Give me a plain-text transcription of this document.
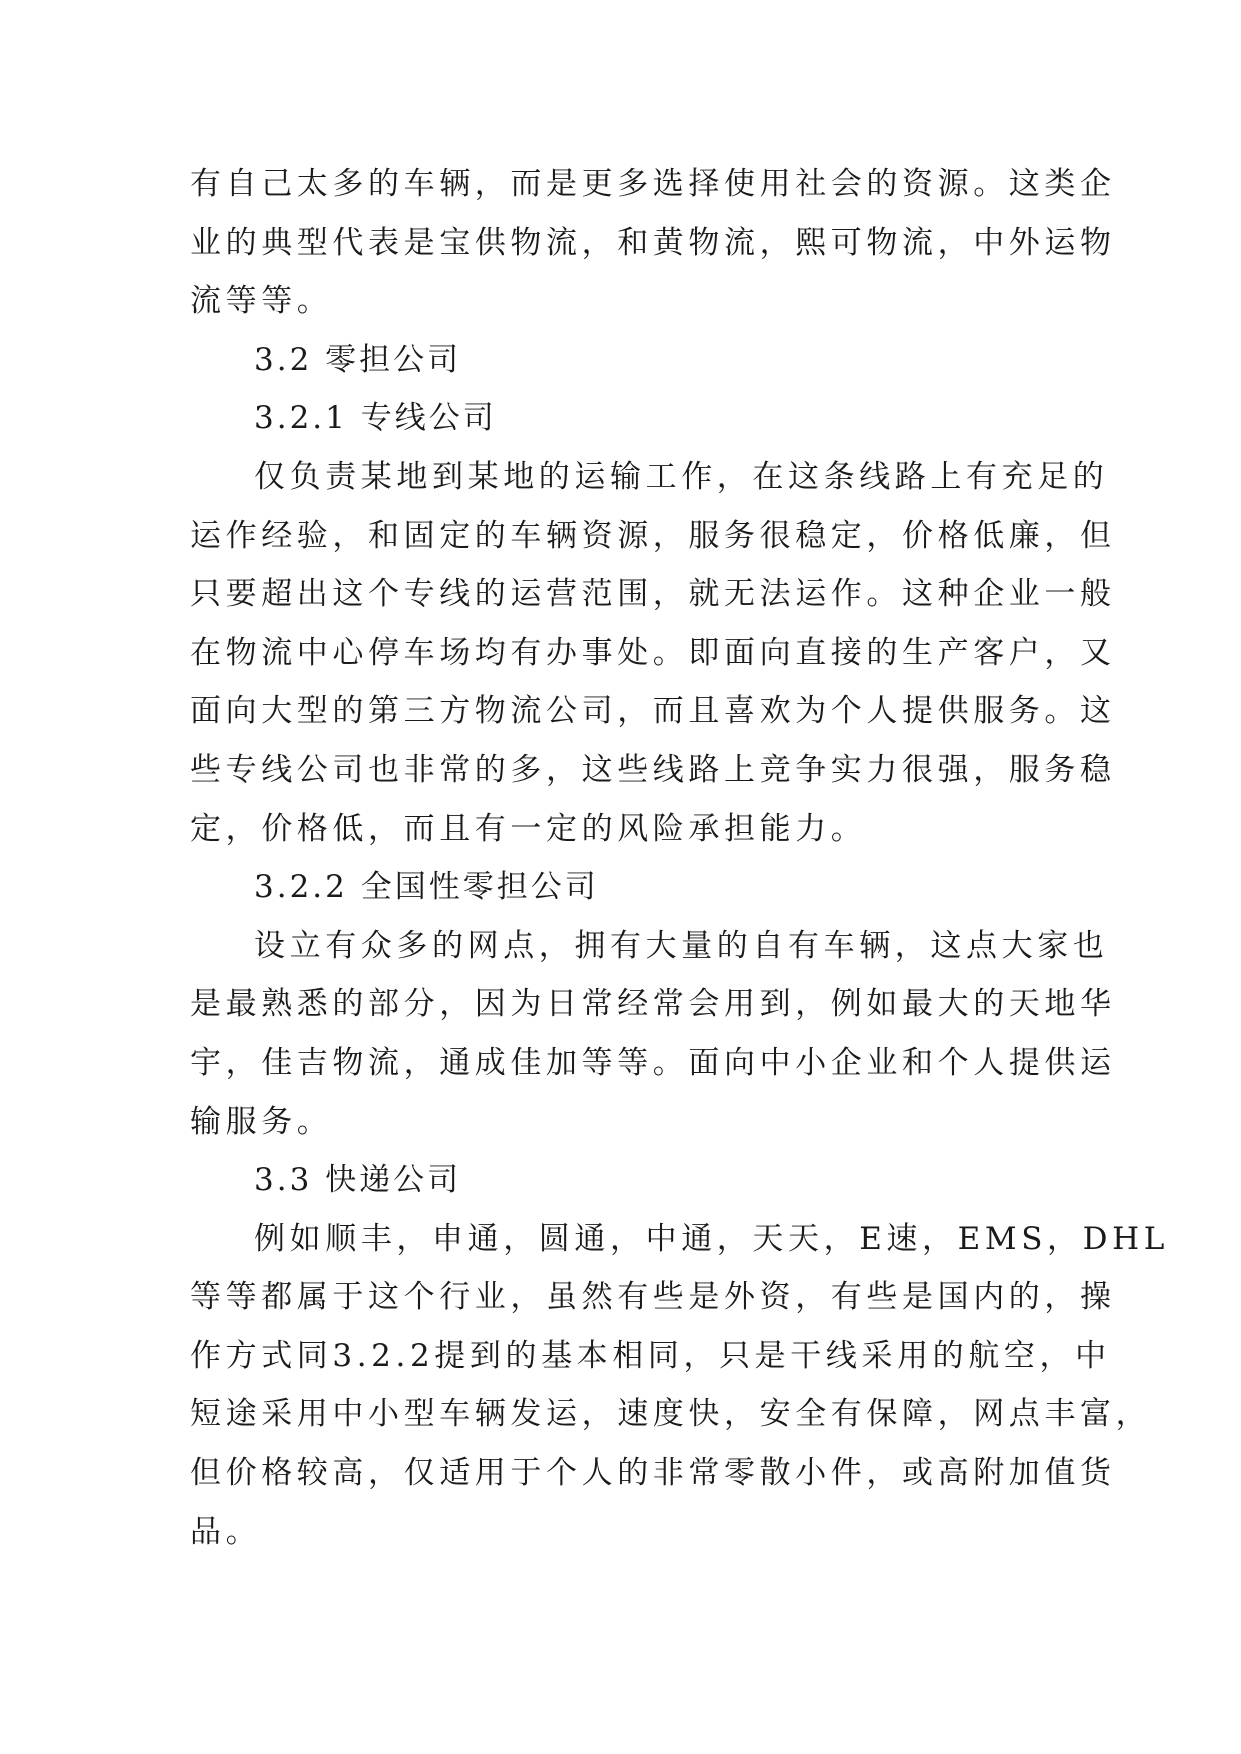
有自己太多的车辆，而是更多选择使用社会的资源。这类企
业的典型代表是宝供物流，和黄物流，熙可物流，中外运物
流等等。
3.2 零担公司
3.2.1 专线公司
仅负责某地到某地的运输工作，在这条线路上有充足的
运作经验，和固定的车辆资源，服务很稳定，价格低廉，但
只要超出这个专线的运营范围，就无法运作。这种企业一般
在物流中心停车场均有办事处。即面向直接的生产客户，又
面向大型的第三方物流公司，而且喜欢为个人提供服务。这
些专线公司也非常的多，这些线路上竞争实力很强，服务稳
定，价格低，而且有一定的风险承担能力。
3.2.2 全国性零担公司
设立有众多的网点，拥有大量的自有车辆，这点大家也
是最熟悉的部分，因为日常经常会用到，例如最大的天地华
宇，佳吉物流，通成佳加等等。面向中小企业和个人提供运
输服务。
3.3 快递公司
例如顺丰，申通，圆通，中通，天天，E速，EMS，DHL
等等都属于这个行业，虽然有些是外资，有些是国内的，操
作方式同3.2.2提到的基本相同，只是干线采用的航空，中
短途采用中小型车辆发运，速度快，安全有保障，网点丰富，
但价格较高，仅适用于个人的非常零散小件，或高附加值货
品。
